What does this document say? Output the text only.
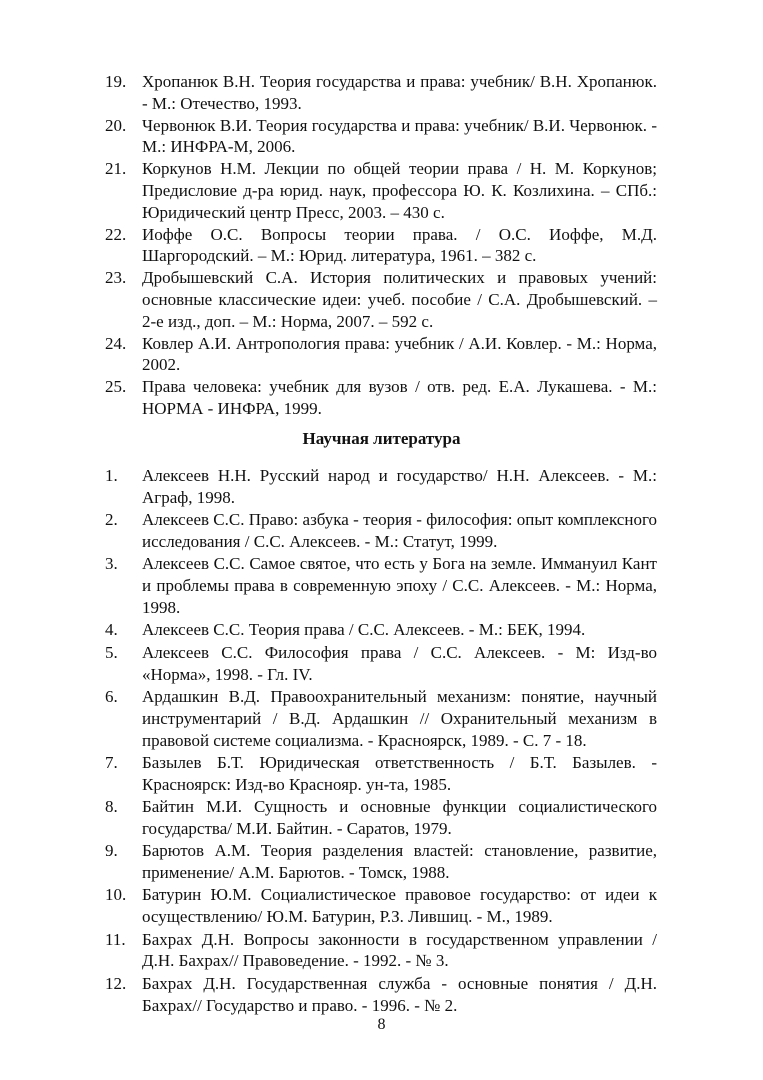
19. Хропанюк В.Н. Теория государства и права: учебник/ В.Н. Хропанюк. - М.: Отечество, 1993.
20. Червонюк В.И. Теория государства и права: учебник/ В.И. Червонюк. - М.: ИНФРА-М, 2006.
21. Коркунов Н.М. Лекции по общей теории права / Н. М. Коркунов; Предисловие д-ра юрид. наук, профессора Ю. К. Козлихина. – СПб.: Юридический центр Пресс, 2003. – 430 с.
22. Иоффе О.С. Вопросы теории права. / О.С. Иоффе, М.Д. Шаргородский. – М.: Юрид. литература, 1961. – 382 с.
23. Дробышевский С.А. История политических и правовых учений: основные классические идеи: учеб. пособие / С.А. Дробышевский. – 2-е изд., доп. – М.: Норма, 2007. – 592 с.
24. Ковлер А.И. Антропология права: учебник / А.И. Ковлер. - М.: Норма, 2002.
25. Права человека: учебник для вузов / отв. ред. Е.А. Лукашева. - М.: НОРМА - ИНФРА, 1999.
Научная литература
1.	Алексеев Н.Н. Русский народ и государство/ Н.Н. Алексеев. - М.: Аграф, 1998.
2.	Алексеев С.С. Право: азбука - теория - философия: опыт комплексного исследования / С.С. Алексеев. - М.: Статут, 1999.
3.	Алексеев С.С. Самое святое, что есть у Бога на земле. Иммануил Кант и проблемы права в современную эпоху / С.С. Алексеев. - М.: Норма, 1998.
4.	Алексеев С.С. Теория права / С.С. Алексеев. - М.: БЕК, 1994.
5.	Алексеев С.С. Философия права / С.С. Алексеев. - М: Изд-во «Норма», 1998. - Гл. IV.
6.	Ардашкин В.Д. Правоохранительный механизм: понятие, научный инструментарий / В.Д. Ардашкин // Охранительный механизм в правовой системе социализма. - Красноярск, 1989. - С. 7 - 18.
7.	Базылев Б.Т. Юридическая ответственность / Б.Т. Базылев. - Красноярск: Изд-во Краснояр. ун-та, 1985.
8.	Байтин М.И. Сущность и основные функции социалистического государства/ М.И. Байтин. - Саратов, 1979.
9.	Барютов А.М. Теория разделения властей: становление, развитие, применение/ А.М. Барютов. - Томск, 1988.
10. Батурин Ю.М. Социалистическое правовое государство: от идеи к осуществлению/ Ю.М. Батурин, Р.З. Лившиц. - М., 1989.
11. Бахрах Д.Н. Вопросы законности в государственном управлении / Д.Н. Бахрах// Правоведение. - 1992. - № 3.
12. Бахрах Д.Н. Государственная служба - основные понятия / Д.Н. Бахрах// Государство и право. - 1996. - № 2.
8
